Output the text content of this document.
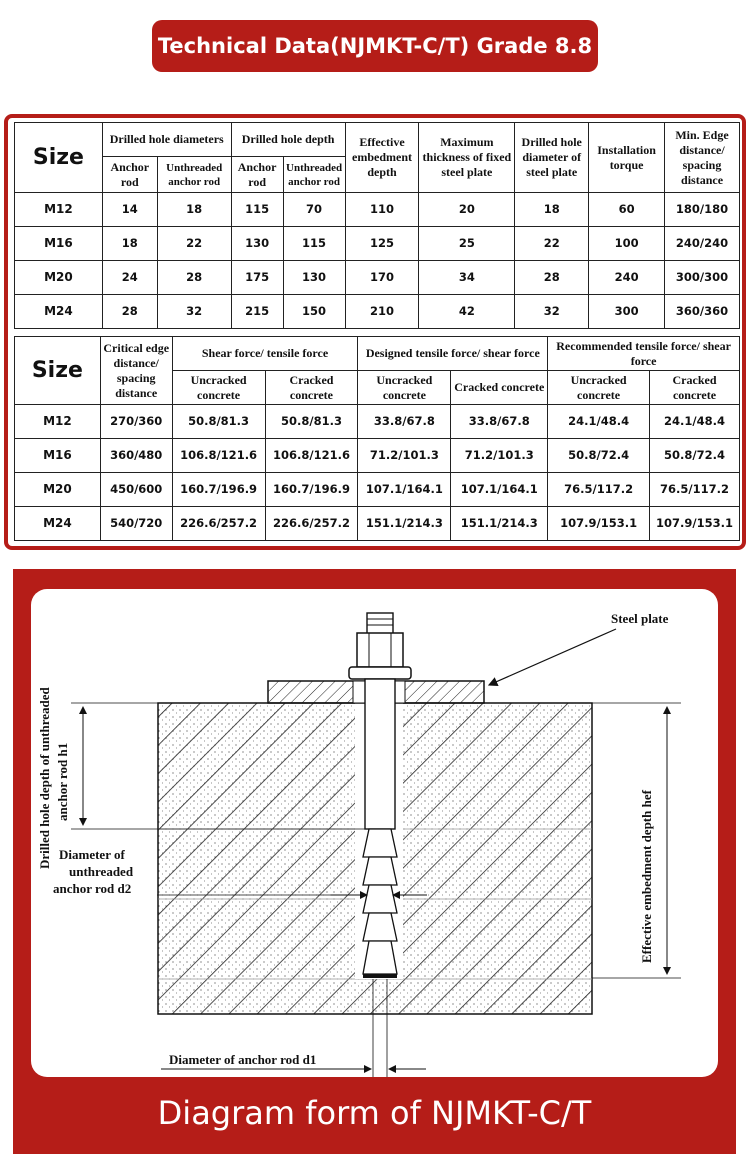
Technical Data(NJMKT-C/T) Grade 8.8
Size	Drilled hole diameters		Drilled hole depth		Effective embedment depth	Maximum thickness of fixed steel plate	Drilled hole diameter of steel plate	Installation torque	Min. Edge distance/ spacing distance
	Anchor rod	Unthreaded anchor rod	Anchor rod	Unthreaded anchor rod					
M12	14	18	115	70	110	20	18	60	180/180
M16	18	22	130	115	125	25	22	100	240/240
M20	24	28	175	130	170	34	28	240	300/300
M24	28	32	215	150	210	42	32	300	360/360
Size	Critical edge distance/ spacing distance	Shear force/ tensile force		Designed tensile force/ shear force		Recommended tensile force/ shear force	
		Uncracked concrete	Cracked concrete	Uncracked concrete	Cracked concrete	Uncracked concrete	Cracked concrete
M12	270/360	50.8/81.3	50.8/81.3	33.8/67.8	33.8/67.8	24.1/48.4	24.1/48.4
M16	360/480	106.8/121.6	106.8/121.6	71.2/101.3	71.2/101.3	50.8/72.4	50.8/72.4
M20	450/600	160.7/196.9	160.7/196.9	107.1/164.1	107.1/164.1	76.5/117.2	76.5/117.2
M24	540/720	226.6/257.2	226.6/257.2	151.1/214.3	151.1/214.3	107.9/153.1	107.9/153.1
Steel plate
Drilled hole depth of unthreaded anchor rod h1
Diameter of
unthreaded
anchor rod d2	Effective embedment depth hef
Diameter of anchor rod d1
Diagram form of NJMKT-C/T
